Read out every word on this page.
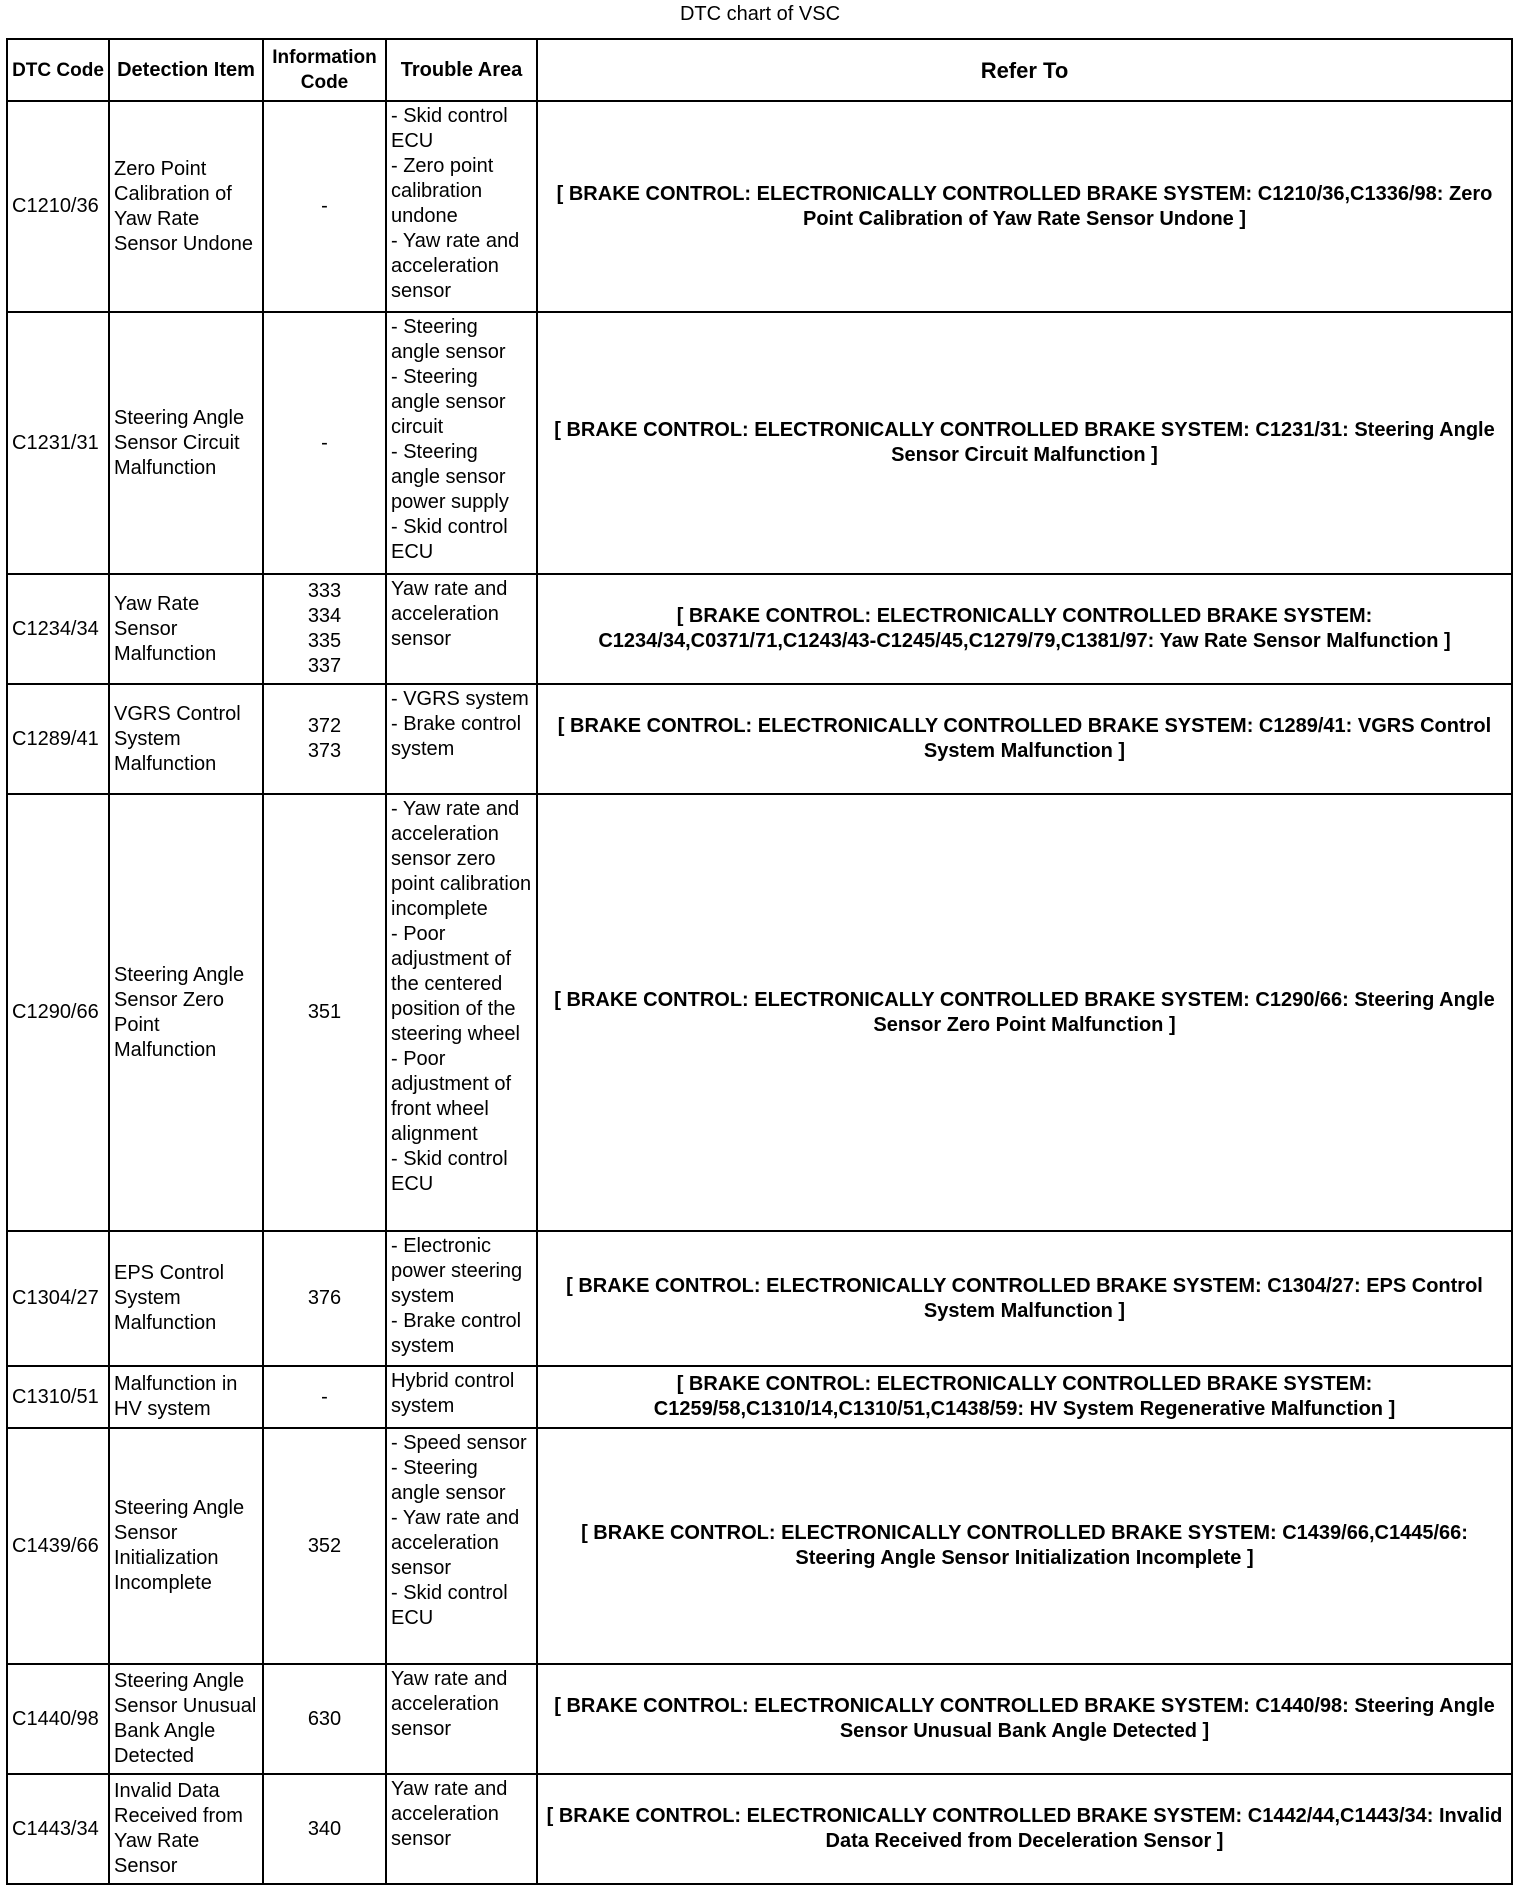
DTC chart of VSC
DTC Code	Detection Item	Information Code	Trouble Area	Refer To
C1210/36	Zero Point Calibration of Yaw Rate Sensor Undone	-	- Skid control ECU
- Zero point calibration undone
- Yaw rate and acceleration sensor	[ BRAKE CONTROL: ELECTRONICALLY CONTROLLED BRAKE SYSTEM: C1210/36,C1336/98: Zero Point Calibration of Yaw Rate Sensor Undone ]
C1231/31	Steering Angle Sensor Circuit Malfunction	-	- Steering angle sensor
- Steering angle sensor circuit
- Steering angle sensor power supply
- Skid control ECU	[ BRAKE CONTROL: ELECTRONICALLY CONTROLLED BRAKE SYSTEM: C1231/31: Steering Angle Sensor Circuit Malfunction ]
C1234/34	Yaw Rate Sensor Malfunction	333
334
335
337	Yaw rate and acceleration sensor	[ BRAKE CONTROL: ELECTRONICALLY CONTROLLED BRAKE SYSTEM: C1234/34,C0371/71,C1243/43-C1245/45,C1279/79,C1381/97: Yaw Rate Sensor Malfunction ]
C1289/41	VGRS Control System Malfunction	372
373	- VGRS system
- Brake control system	[ BRAKE CONTROL: ELECTRONICALLY CONTROLLED BRAKE SYSTEM: C1289/41: VGRS Control System Malfunction ]
C1290/66	Steering Angle Sensor Zero Point Malfunction	351	- Yaw rate and acceleration sensor zero point calibration incomplete
- Poor adjustment of the centered position of the steering wheel
- Poor adjustment of front wheel alignment
- Skid control ECU	[ BRAKE CONTROL: ELECTRONICALLY CONTROLLED BRAKE SYSTEM: C1290/66: Steering Angle Sensor Zero Point Malfunction ]
C1304/27	EPS Control System Malfunction	376	- Electronic power steering system
- Brake control system	[ BRAKE CONTROL: ELECTRONICALLY CONTROLLED BRAKE SYSTEM: C1304/27: EPS Control System Malfunction ]
C1310/51	Malfunction in HV system	-	Hybrid control system	[ BRAKE CONTROL: ELECTRONICALLY CONTROLLED BRAKE SYSTEM: C1259/58,C1310/14,C1310/51,C1438/59: HV System Regenerative Malfunction ]
C1439/66	Steering Angle Sensor Initialization Incomplete	352	- Speed sensor
- Steering angle sensor
- Yaw rate and acceleration sensor
- Skid control ECU	[ BRAKE CONTROL: ELECTRONICALLY CONTROLLED BRAKE SYSTEM: C1439/66,C1445/66: Steering Angle Sensor Initialization Incomplete ]
C1440/98	Steering Angle Sensor Unusual Bank Angle Detected	630	Yaw rate and acceleration sensor	[ BRAKE CONTROL: ELECTRONICALLY CONTROLLED BRAKE SYSTEM: C1440/98: Steering Angle Sensor Unusual Bank Angle Detected ]
C1443/34	Invalid Data Received from Yaw Rate Sensor	340	Yaw rate and acceleration sensor	[ BRAKE CONTROL: ELECTRONICALLY CONTROLLED BRAKE SYSTEM: C1442/44,C1443/34: Invalid Data Received from Deceleration Sensor ]
